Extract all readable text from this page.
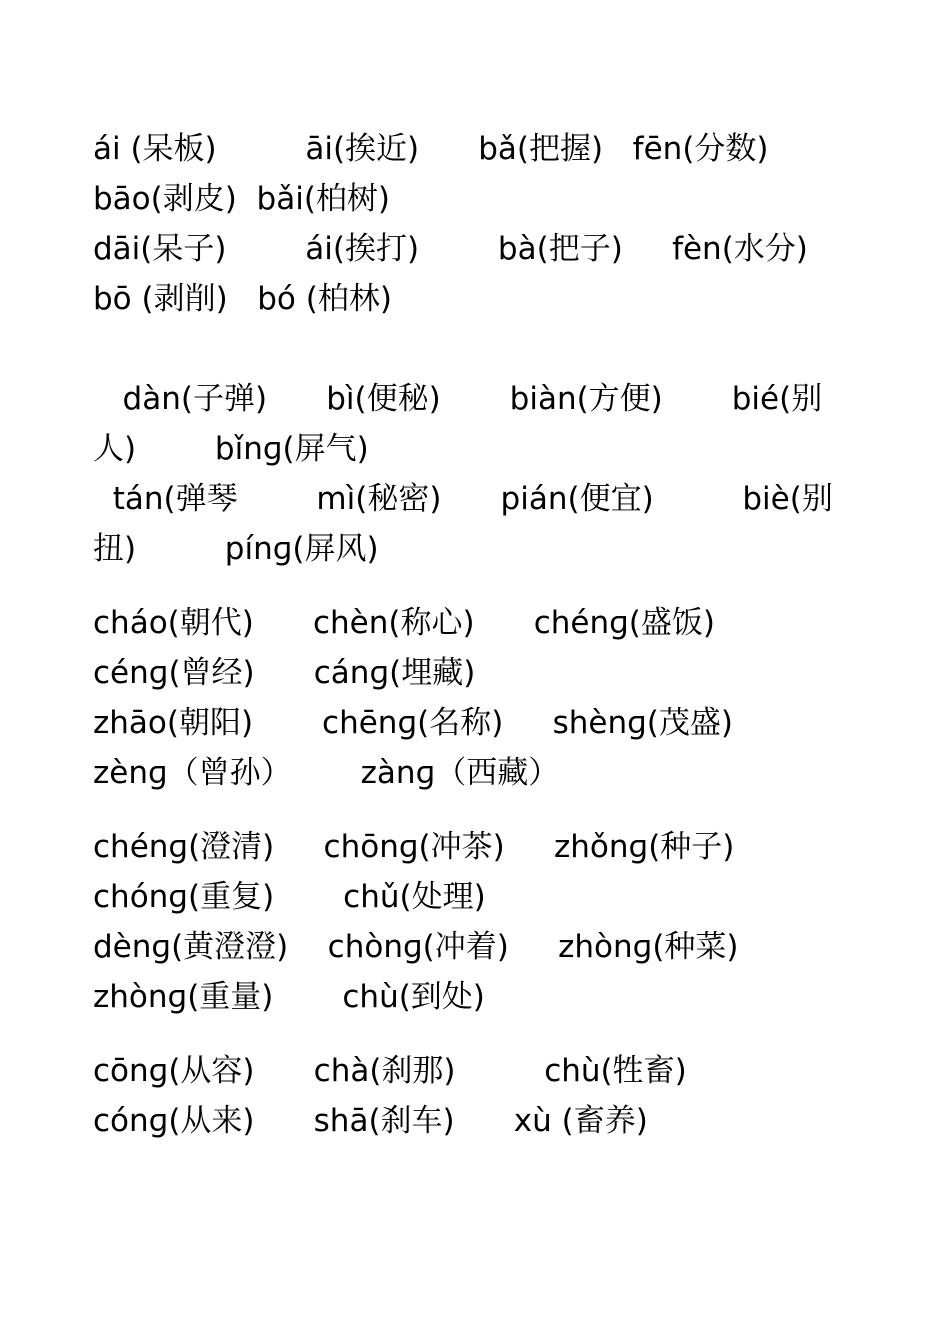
ái (呆板)         āi(挨近)      bǎ(把握)   fēn(分数)
bāo(剥皮)  bǎi(柏树)
dāi(呆子)        ái(挨打)        bà(把子)     fèn(水分)
bō (剥削)   bó (柏林)
dàn(子弹)      bì(便秘)       biàn(方便)       bié(别
人)        bǐnɡ(屏气)
tán(弹琴        mì(秘密)      pián(便宜)         biè(别
扭)         pínɡ(屏风)
cháo(朝代)      chèn(称心)      chénɡ(盛饭)
cénɡ(曾经)      cánɡ(埋藏)
zhāo(朝阳)       chēnɡ(名称)     shènɡ(茂盛)
zènɡ（曾孙）       zànɡ（西藏）
chénɡ(澄清)     chōnɡ(冲茶)     zhǒnɡ(种子)
chónɡ(重复)       chǔ(处理)
dènɡ(黄澄澄)    chònɡ(冲着)     zhònɡ(种菜)
zhònɡ(重量)       chù(到处)
cōnɡ(从容)      chà(刹那)         chù(牲畜)
cónɡ(从来)      shā(刹车)      xù (畜养)
